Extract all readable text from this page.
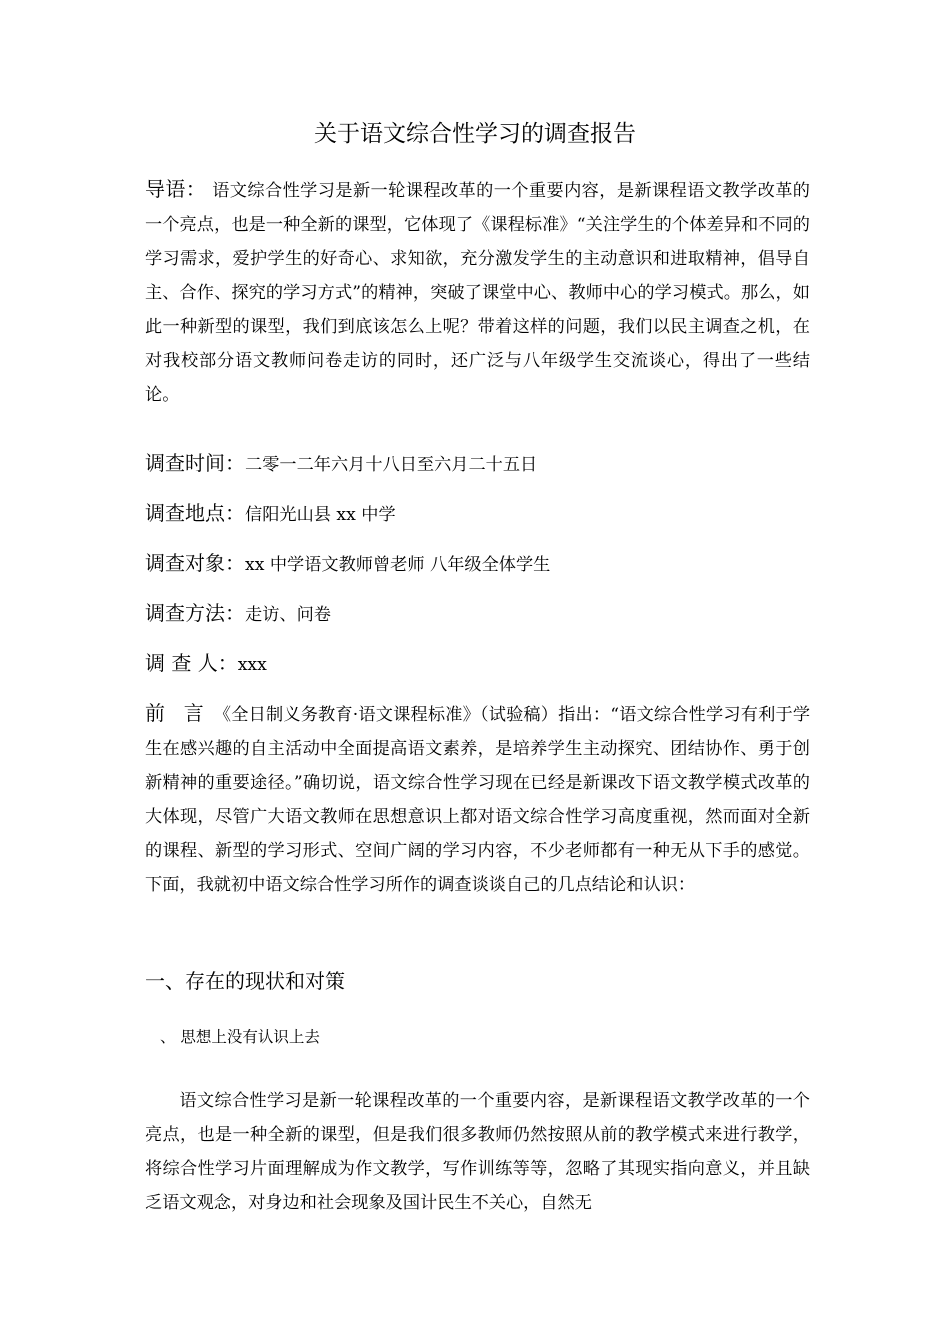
关于语文综合性学习的调查报告

导语： 语文综合性学习是新一轮课程改革的一个重要内容，是新课程语文教学改革的一个亮点，也是一种全新的课型，它体现了《课程标准》“关注学生的个体差异和不同的学习需求，爱护学生的好奇心、求知欲，充分激发学生的主动意识和进取精神，倡导自主、合作、探究的学习方式”的精神，突破了课堂中心、教师中心的学习模式。那么，如此一种新型的课型，我们到底该怎么上呢？带着这样的问题，我们以民主调查之机，在对我校部分语文教师问卷走访的同时，还广泛与八年级学生交流谈心，得出了一些结论。

调查时间：二零一二年六月十八日至六月二十五日
调查地点：信阳光山县 xx 中学
调查对象：xx 中学语文教师曾老师 八年级全体学生
调查方法：走访、问卷
调 查 人：xxx

前 言 《全日制义务教育·语文课程标准》（试验稿）指出：“语文综合性学习有利于学生在感兴趣的自主活动中全面提高语文素养，是培养学生主动探究、团结协作、勇于创新精神的重要途径。”确切说，语文综合性学习现在已经是新课改下语文教学模式改革的大体现，尽管广大语文教师在思想意识上都对语文综合性学习高度重视，然而面对全新的课程、新型的学习形式、空间广阔的学习内容，不少老师都有一种无从下手的感觉。下面，我就初中语文综合性学习所作的调查谈谈自己的几点结论和认识：

一、存在的现状和对策
、 思想上没有认识上去

语文综合性学习是新一轮课程改革的一个重要内容，是新课程语文教学改革的一个亮点，也是一种全新的课型，但是我们很多教师仍然按照从前的教学模式来进行教学，将综合性学习片面理解成为作文教学，写作训练等等，忽略了其现实指向意义，并且缺乏语文观念，对身边和社会现象及国计民生不关心，自然无
